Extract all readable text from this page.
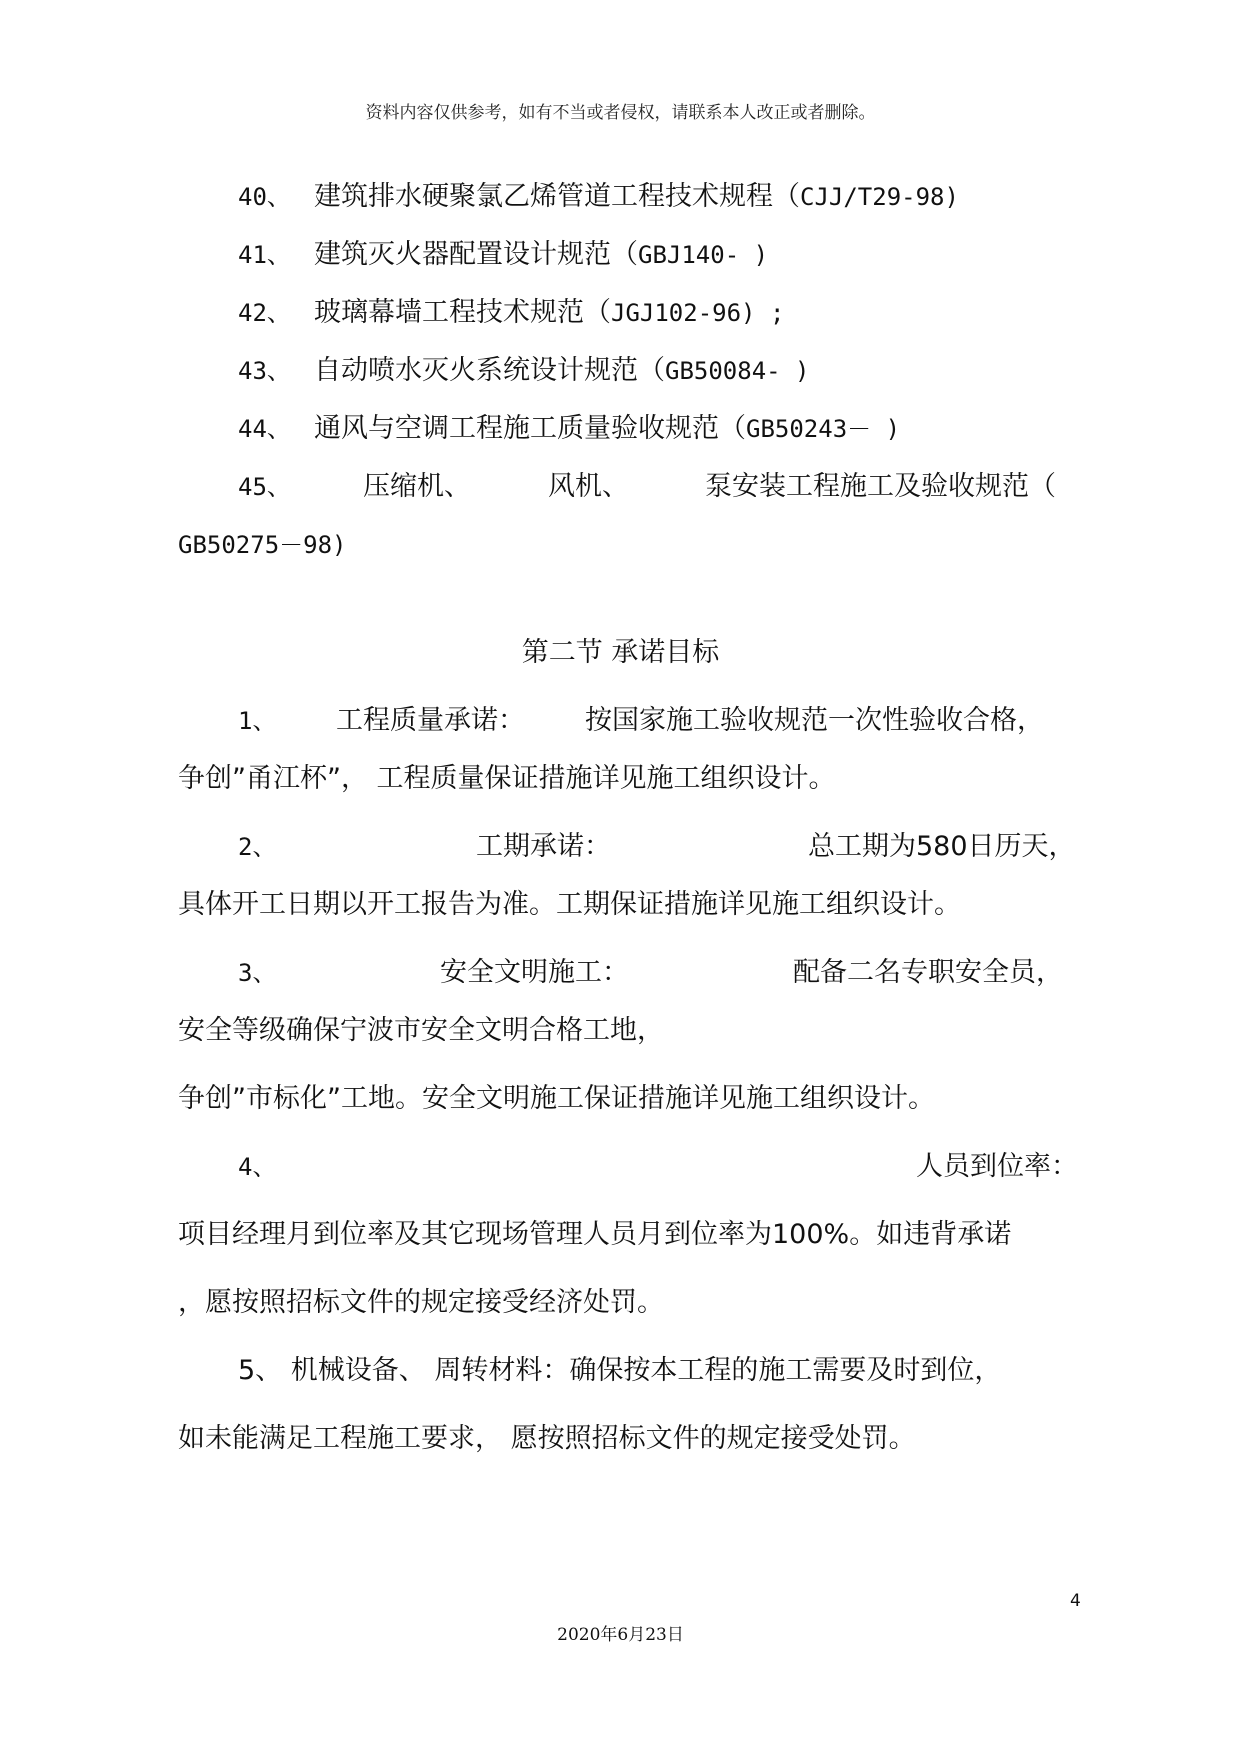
资料内容仅供参考，如有不当或者侵权，请联系本人改正或者删除。
40、 建筑排水硬聚氯乙烯管道工程技术规程（CJJ/T29-98)
41、 建筑灭火器配置设计规范（GBJ140- )
42、 玻璃幕墙工程技术规范（JGJ102-96) ;
43、 自动喷水灭火系统设计规范（GB50084- )
44、 通风与空调工程施工质量验收规范（GB50243－ )
45、	压缩机、	风机、	泵安装工程施工及验收规范（
GB50275－98)
第二节 承诺目标
1、 工程质量承诺： 按国家施工验收规范一次性验收合格，
争创”甬江杯”， 工程质量保证措施详见施工组织设计。
2、	工期承诺：	总工期为580日历天，
具体开工日期以开工报告为准。工期保证措施详见施工组织设计。
3、	安全文明施工：	配备二名专职安全员，
安全等级确保宁波市安全文明合格工地，
争创”市标化”工地。安全文明施工保证措施详见施工组织设计。
4、	人员到位率：
项目经理月到位率及其它现场管理人员月到位率为100%。如违背承诺
，愿按照招标文件的规定接受经济处罚。
5、 机械设备、 周转材料：确保按本工程的施工需要及时到位，
如未能满足工程施工要求， 愿按照招标文件的规定接受处罚。
4
2020年6月23日
